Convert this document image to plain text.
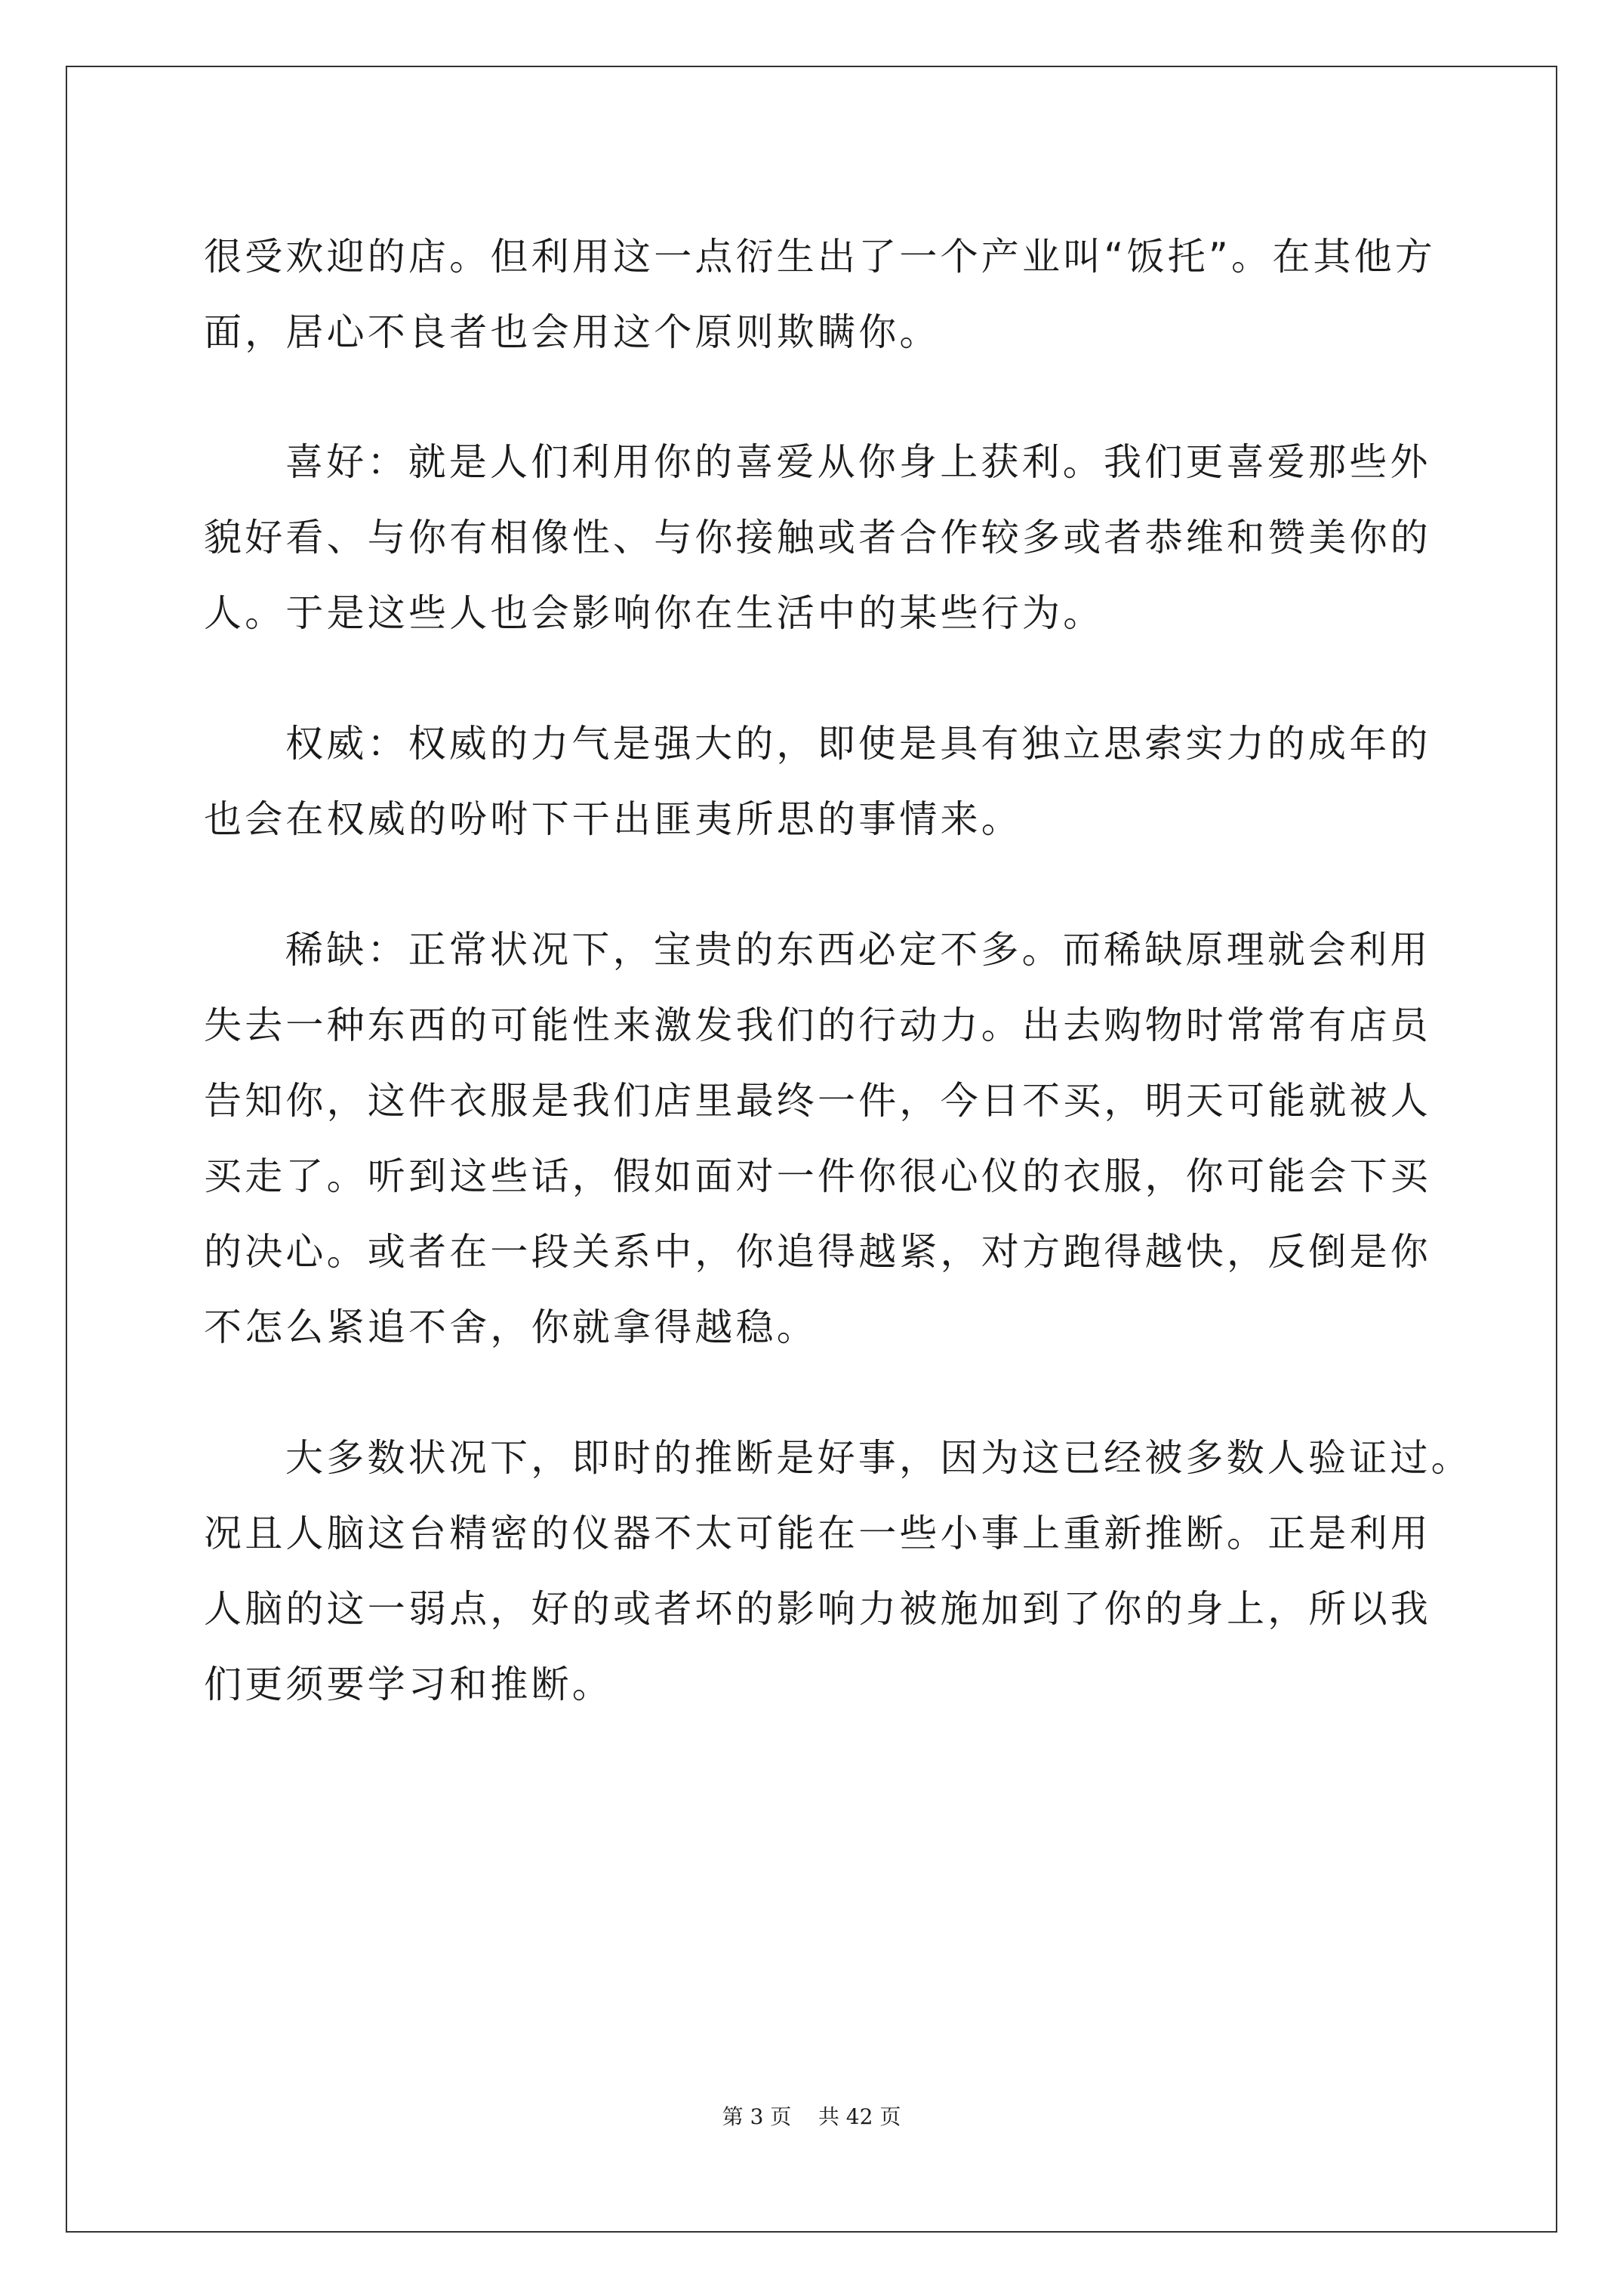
很受欢迎的店。但利用这一点衍生出了一个产业叫“饭托”。在其他方
面，居心不良者也会用这个原则欺瞒你。
喜好：就是人们利用你的喜爱从你身上获利。我们更喜爱那些外
貌好看、与你有相像性、与你接触或者合作较多或者恭维和赞美你的
人。于是这些人也会影响你在生活中的某些行为。
权威：权威的力气是强大的，即使是具有独立思索实力的成年的
也会在权威的吩咐下干出匪夷所思的事情来。
稀缺：正常状况下，宝贵的东西必定不多。而稀缺原理就会利用
失去一种东西的可能性来激发我们的行动力。出去购物时常常有店员
告知你，这件衣服是我们店里最终一件，今日不买，明天可能就被人
买走了。听到这些话，假如面对一件你很心仪的衣服，你可能会下买
的决心。或者在一段关系中，你追得越紧，对方跑得越快，反倒是你
不怎么紧追不舍，你就拿得越稳。
大多数状况下，即时的推断是好事，因为这已经被多数人验证过。
况且人脑这台精密的仪器不太可能在一些小事上重新推断。正是利用
人脑的这一弱点，好的或者坏的影响力被施加到了你的身上，所以我
们更须要学习和推断。
第 3 页    共 42 页
